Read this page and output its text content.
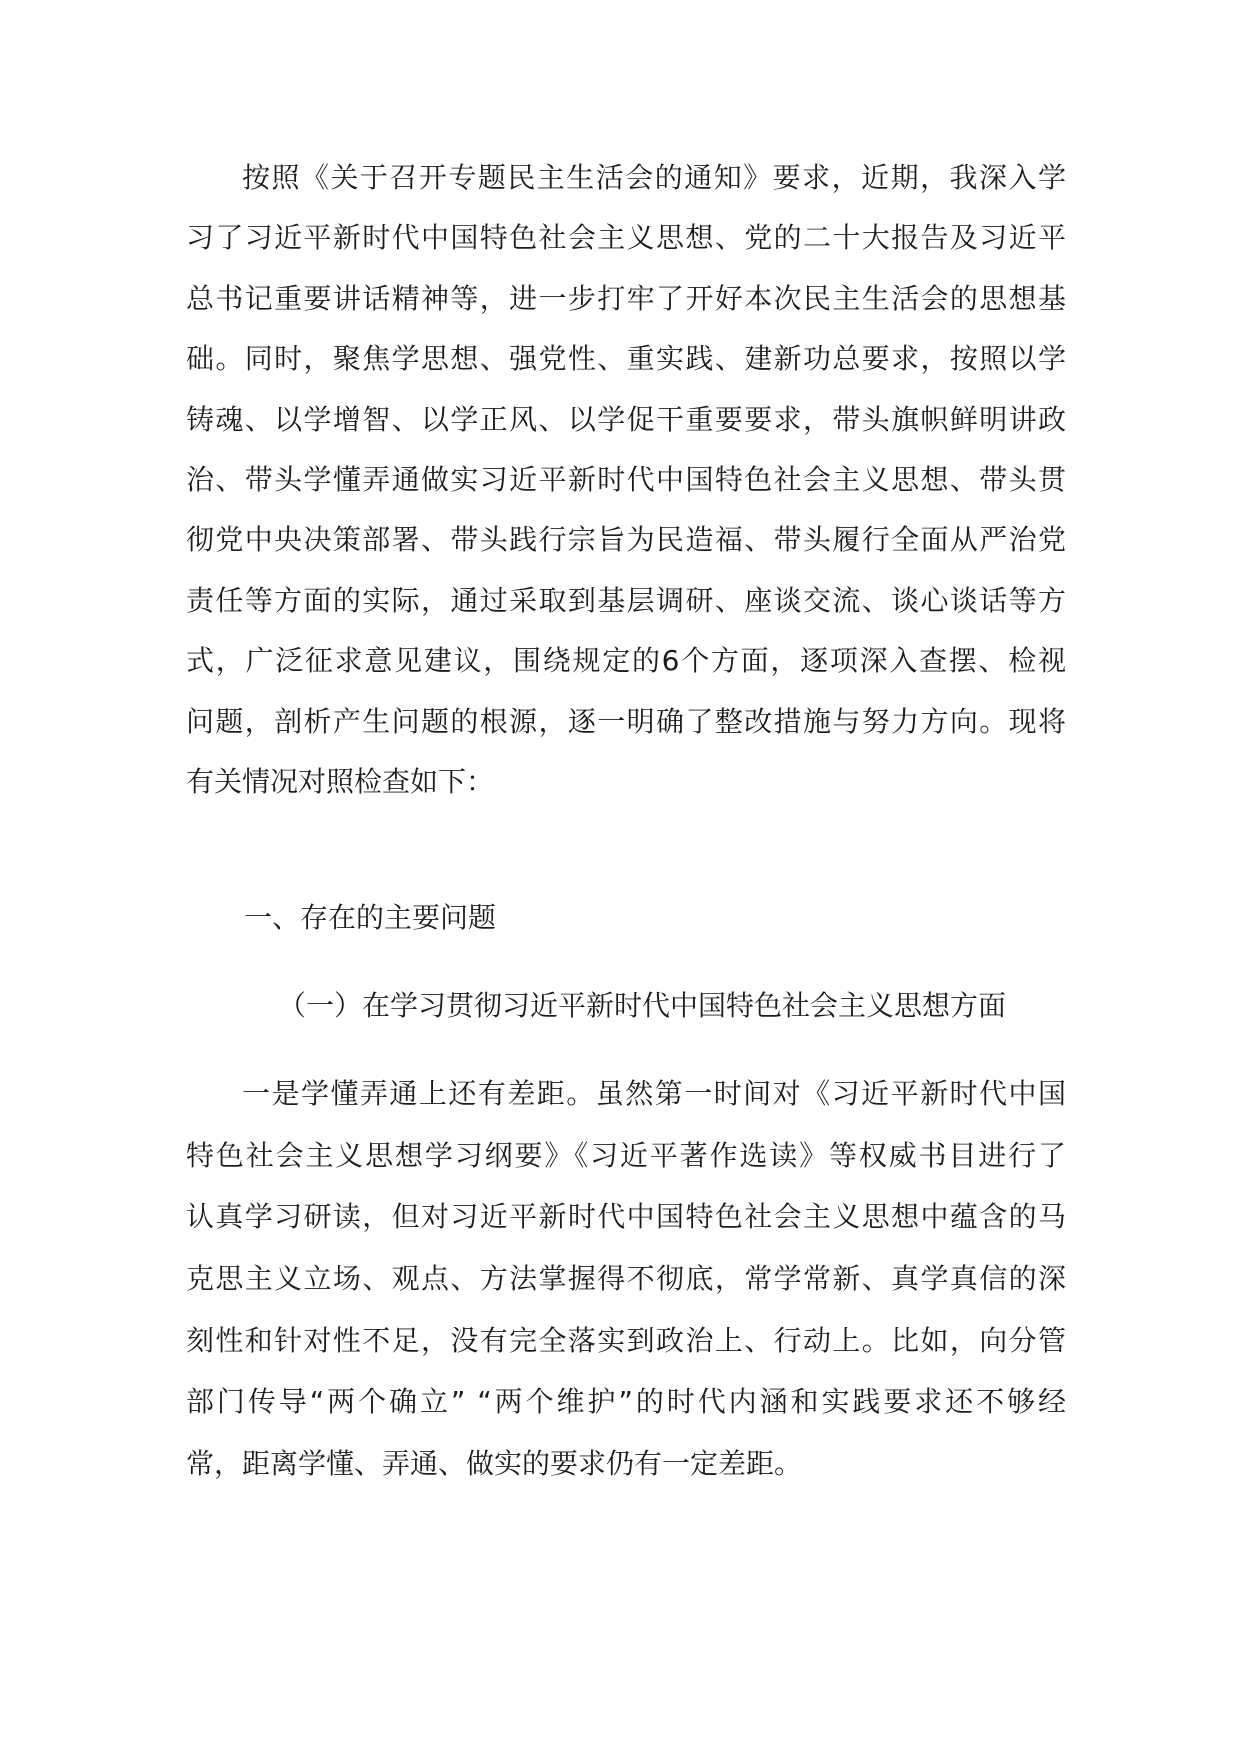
按照《关于召开专题民主生活会的通知》要求，近期，我深入学
习了习近平新时代中国特色社会主义思想、党的二十大报告及习近平
总书记重要讲话精神等，进一步打牢了开好本次民主生活会的思想基
础。同时，聚焦学思想、强党性、重实践、建新功总要求，按照以学
铸魂、以学增智、以学正风、以学促干重要要求，带头旗帜鲜明讲政
治、带头学懂弄通做实习近平新时代中国特色社会主义思想、带头贯
彻党中央决策部署、带头践行宗旨为民造福、带头履行全面从严治党
责任等方面的实际，通过采取到基层调研、座谈交流、谈心谈话等方
式，广泛征求意见建议，围绕规定的6个方面，逐项深入查摆、检视
问题，剖析产生问题的根源，逐一明确了整改措施与努力方向。现将
有关情况对照检查如下：
一、存在的主要问题
（一）在学习贯彻习近平新时代中国特色社会主义思想方面
一是学懂弄通上还有差距。虽然第一时间对《习近平新时代中国
特色社会主义思想学习纲要》《习近平著作选读》等权威书目进行了
认真学习研读，但对习近平新时代中国特色社会主义思想中蕴含的马
克思主义立场、观点、方法掌握得不彻底，常学常新、真学真信的深
刻性和针对性不足，没有完全落实到政治上、行动上。比如，向分管
部门传导“两个确立” “两个维护”的时代内涵和实践要求还不够经
常，距离学懂、弄通、做实的要求仍有一定差距。
